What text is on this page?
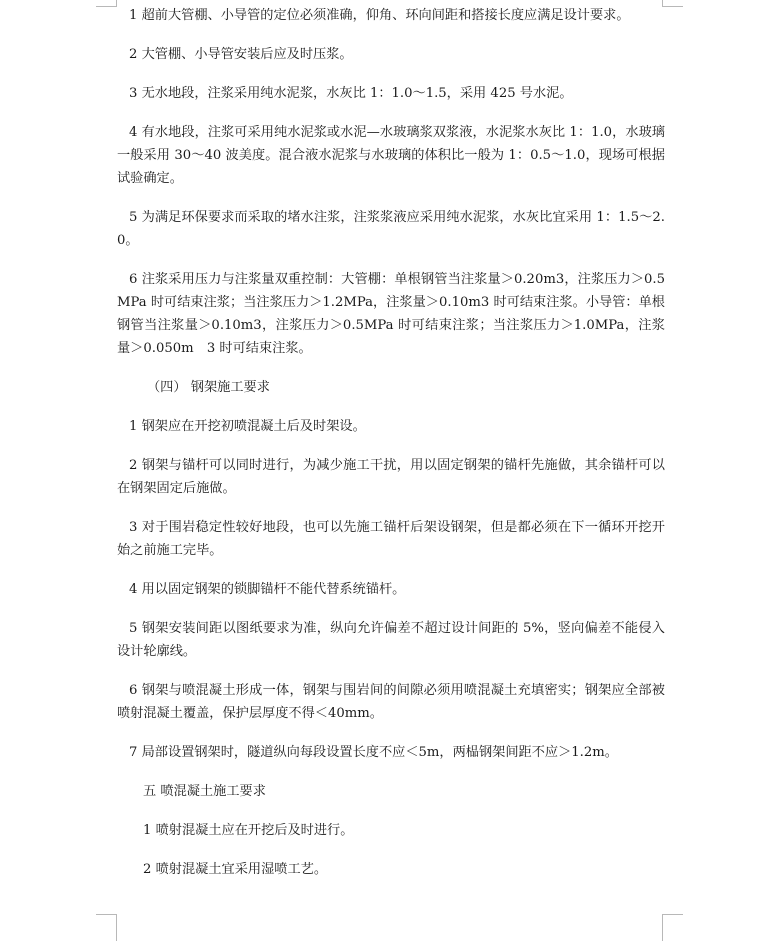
1 超前大管棚、小导管的定位必须准确，仰角、环向间距和搭接长度应满足设计要求。

2 大管棚、小导管安装后应及时压浆。

3 无水地段，注浆采用纯水泥浆，水灰比 1：1.0～1.5，采用 425 号水泥。

4 有水地段，注浆可采用纯水泥浆或水泥—水玻璃浆双浆液，水泥浆水灰比 1：1.0，水玻璃一般采用 30～40 波美度。混合液水泥浆与水玻璃的体积比一般为 1：0.5～1.0，现场可根据试验确定。

5 为满足环保要求而采取的堵水注浆，注浆浆液应采用纯水泥浆，水灰比宜采用 1：1.5～2.0。

6 注浆采用压力与注浆量双重控制：大管棚：单根钢管当注浆量＞0.20m3，注浆压力＞0.5MPa 时可结束注浆；当注浆压力＞1.2MPa，注浆量＞0.10m3 时可结束注浆。小导管：单根钢管当注浆量＞0.10m3，注浆压力＞0.5MPa 时可结束注浆；当注浆压力＞1.0MPa，注浆量＞0.050m　3 时可结束注浆。

（四） 钢架施工要求

1 钢架应在开挖初喷混凝土后及时架设。

2 钢架与锚杆可以同时进行，为减少施工干扰，用以固定钢架的锚杆先施做，其余锚杆可以在钢架固定后施做。

3 对于围岩稳定性较好地段，也可以先施工锚杆后架设钢架，但是都必须在下一循环开挖开始之前施工完毕。

4 用以固定钢架的锁脚锚杆不能代替系统锚杆。

5 钢架安装间距以图纸要求为准，纵向允许偏差不超过设计间距的 5%，竖向偏差不能侵入设计轮廓线。

6 钢架与喷混凝土形成一体，钢架与围岩间的间隙必须用喷混凝土充填密实；钢架应全部被喷射混凝土覆盖，保护层厚度不得＜40mm。

7 局部设置钢架时，隧道纵向每段设置长度不应＜5m，两榀钢架间距不应＞1.2m。

五 喷混凝土施工要求

1 喷射混凝土应在开挖后及时进行。

2 喷射混凝土宜采用湿喷工艺。
